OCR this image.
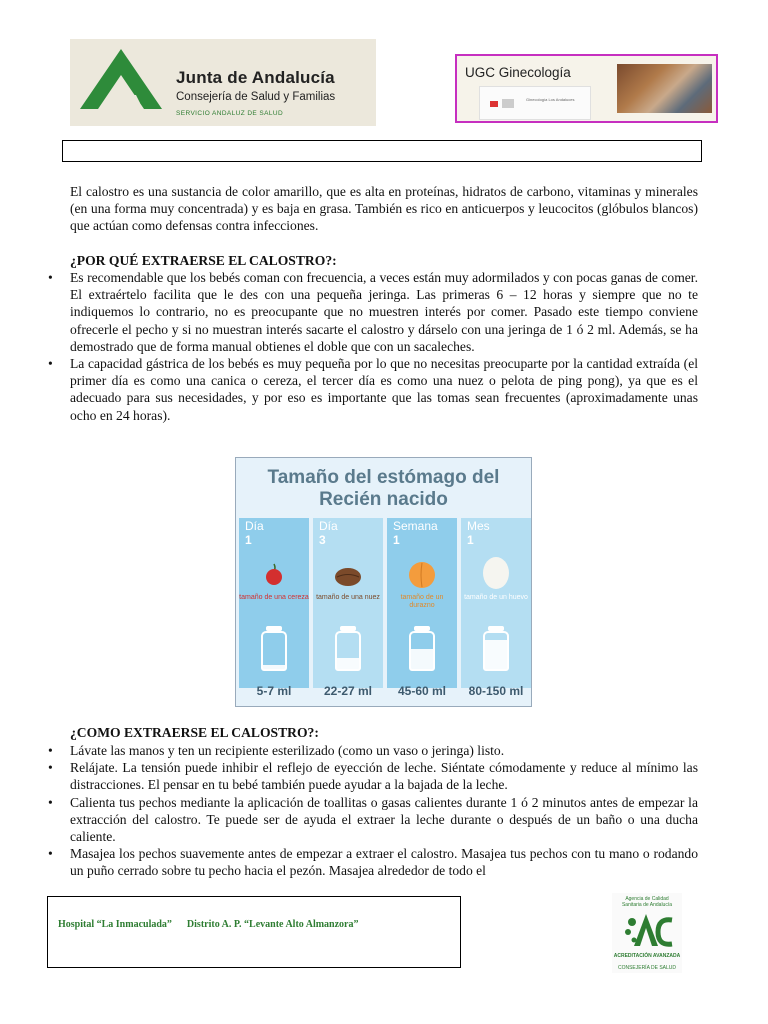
Junta de Andalucía
Consejería de Salud y Familias
SERVICIO ANDALUZ DE SALUD
UGC Ginecología
Ginecología Los Andaluces
El calostro es una sustancia de color amarillo, que es alta en proteínas, hidratos de carbono, vitaminas y minerales (en una forma muy concentrada) y es baja en grasa. También es rico en anticuerpos y leucocitos (glóbulos blancos) que actúan como defensas contra infecciones.
¿POR QUÉ EXTRAERSE EL CALOSTRO?:
• Es recomendable que los bebés coman con frecuencia, a veces están muy adormilados y con pocas ganas de comer. El extraértelo facilita que le des con una pequeña jeringa. Las primeras 6 – 12 horas y siempre que no te indiquemos lo contrario, no es preocupante que no muestren interés por comer. Pasado este tiempo conviene ofrecerle el pecho y si no muestran interés sacarte el calostro y dárselo con una jeringa de 1 ó 2 ml. Además, se ha demostrado que de forma manual obtienes el doble que con un sacaleches.
• La capacidad gástrica de los bebés es muy pequeña por lo que no necesitas preocuparte por la cantidad extraída (el primer día es como una canica o cereza, el tercer día es como una nuez o pelota de ping pong), ya que es el adecuado para sus necesidades, y por eso es importante que las tomas sean frecuentes (aproximadamente unas ocho en 24 horas).
Tamaño del estómago del
Recién nacido
Día
1
tamaño de una cereza
Día
3
tamaño de una nuez
Semana
1
tamaño de un durazno
Mes
1
tamaño de un huevo
5-7 ml	22-27 ml	45-60 ml	80-150 ml
¿COMO EXTRAERSE EL CALOSTRO?:
• Lávate las manos y ten un recipiente esterilizado (como un vaso o jeringa) listo.
• Relájate. La tensión puede inhibir el reflejo de eyección de leche. Siéntate cómodamente y reduce al mínimo las distracciones. El pensar en tu bebé también puede ayudar a la bajada de la leche.
• Calienta tus pechos mediante la aplicación de toallitas o gasas calientes durante 1 ó 2 minutos antes de empezar la extracción del calostro. Te puede ser de ayuda el extraer la leche durante o después de un baño o una ducha caliente.
• Masajea los pechos suavemente antes de empezar a extraer el calostro. Masajea tus pechos con tu mano o rodando un puño cerrado sobre tu pecho hacia el pezón. Masajea alrededor de todo el
Hospital “La Inmaculada” Distrito A. P. “Levante Alto Almanzora”
Agencia de Calidad
Sanitaria de Andalucía
ACREDITACIÓN AVANZADA
CONSEJERÍA DE SALUD
